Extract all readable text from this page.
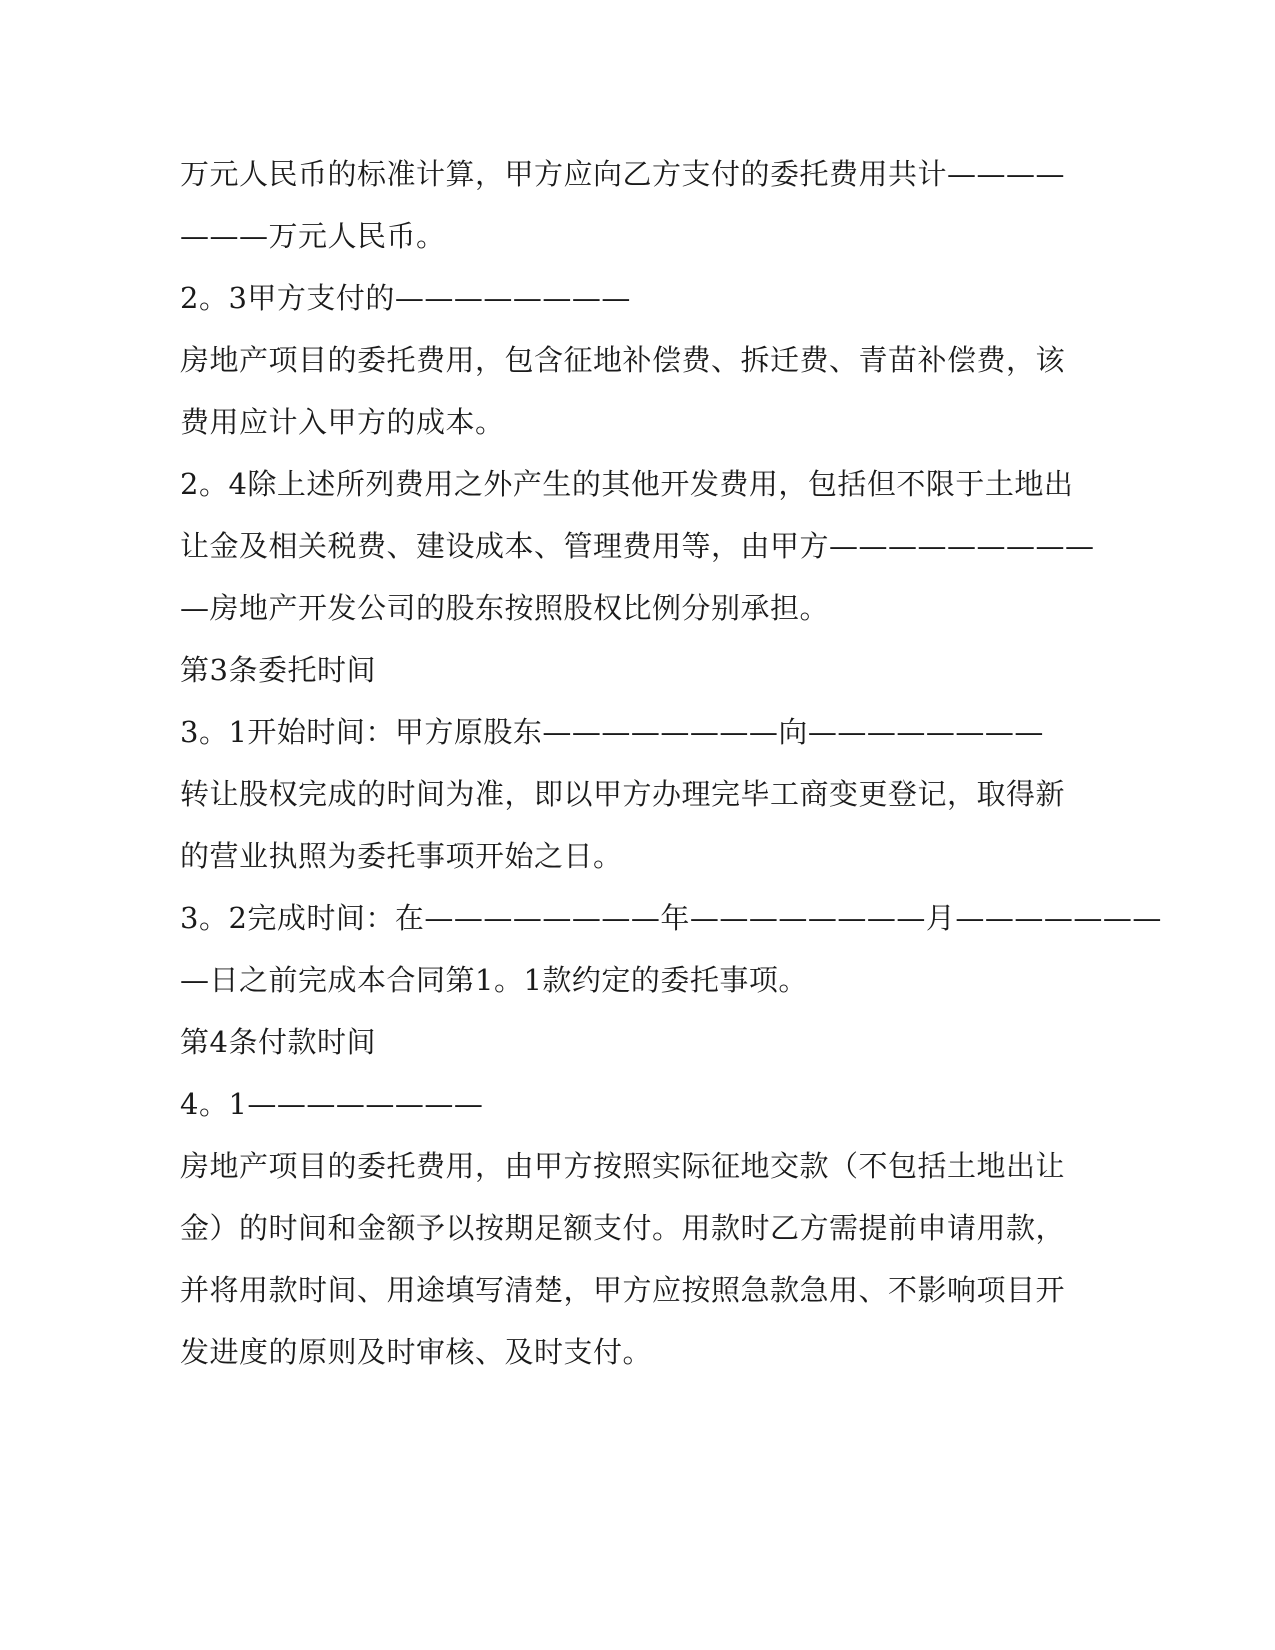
万元人民币的标准计算，甲方应向乙方支付的委托费用共计————
———万元人民币。
2。3甲方支付的————————
房地产项目的委托费用，包含征地补偿费、拆迁费、青苗补偿费，该
费用应计入甲方的成本。
2。4除上述所列费用之外产生的其他开发费用，包括但不限于土地出
让金及相关税费、建设成本、管理费用等，由甲方—————————
—房地产开发公司的股东按照股权比例分别承担。
第3条委托时间
3。1开始时间：甲方原股东————————向————————
转让股权完成的时间为准，即以甲方办理完毕工商变更登记，取得新
的营业执照为委托事项开始之日。
3。2完成时间：在————————年————————月———————
—日之前完成本合同第1。1款约定的委托事项。
第4条付款时间
4。1————————
房地产项目的委托费用，由甲方按照实际征地交款（不包括土地出让
金）的时间和金额予以按期足额支付。用款时乙方需提前申请用款，
并将用款时间、用途填写清楚，甲方应按照急款急用、不影响项目开
发进度的原则及时审核、及时支付。
